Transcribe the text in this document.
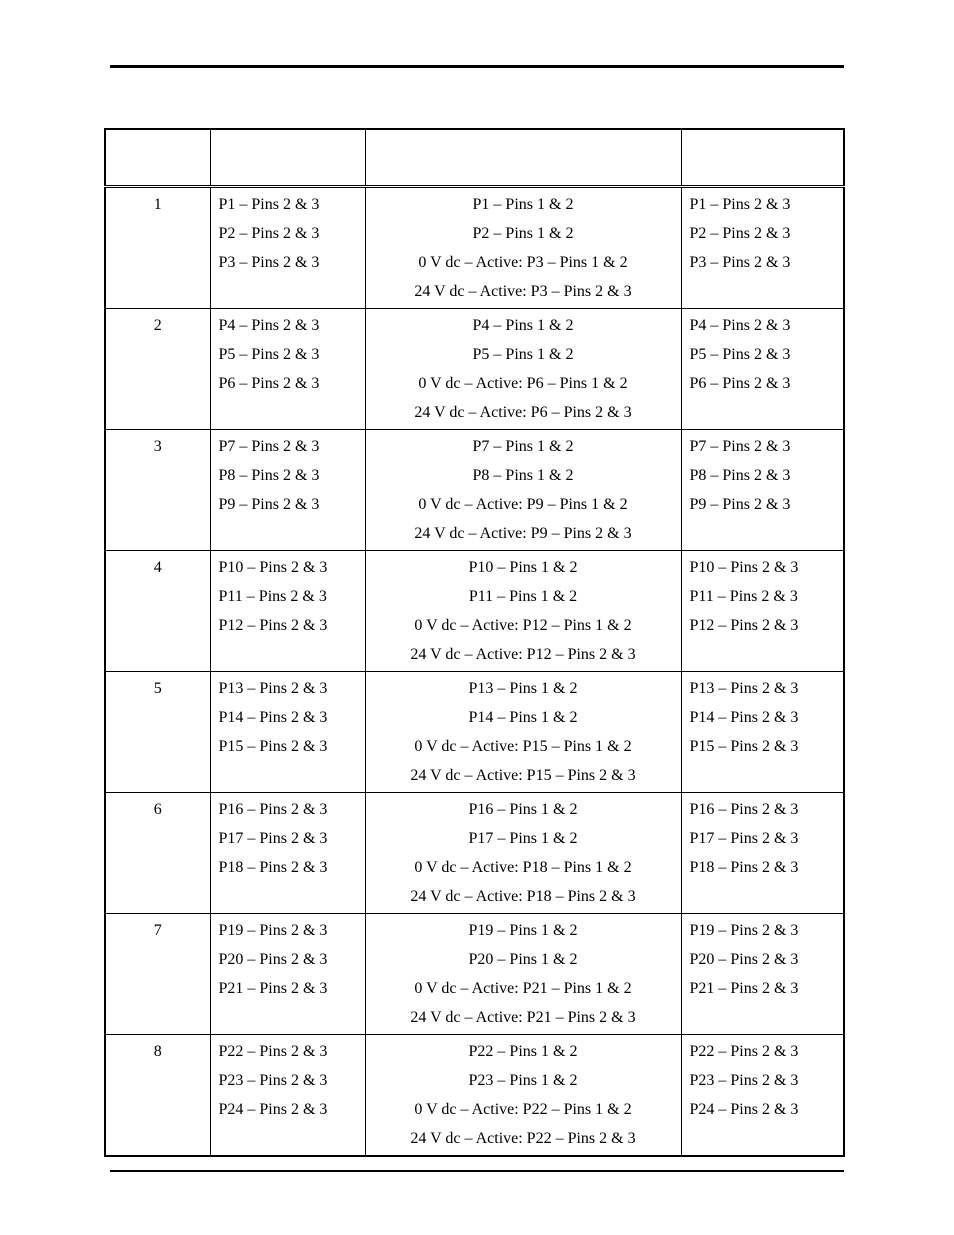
1	P1 – Pins 2 & 3
P2 – Pins 2 & 3
P3 – Pins 2 & 3	P1 – Pins 1 & 2
P2 – Pins 1 & 2
0 V dc – Active: P3 – Pins 1 & 2
24 V dc – Active: P3 – Pins 2 & 3	P1 – Pins 2 & 3
P2 – Pins 2 & 3
P3 – Pins 2 & 3

2	P4 – Pins 2 & 3
P5 – Pins 2 & 3
P6 – Pins 2 & 3	P4 – Pins 1 & 2
P5 – Pins 1 & 2
0 V dc – Active: P6 – Pins 1 & 2
24 V dc – Active: P6 – Pins 2 & 3	P4 – Pins 2 & 3
P5 – Pins 2 & 3
P6 – Pins 2 & 3

3	P7 – Pins 2 & 3
P8 – Pins 2 & 3
P9 – Pins 2 & 3	P7 – Pins 1 & 2
P8 – Pins 1 & 2
0 V dc – Active: P9 – Pins 1 & 2
24 V dc – Active: P9 – Pins 2 & 3	P7 – Pins 2 & 3
P8 – Pins 2 & 3
P9 – Pins 2 & 3

4	P10 – Pins 2 & 3
P11 – Pins 2 & 3
P12 – Pins 2 & 3	P10 – Pins 1 & 2
P11 – Pins 1 & 2
0 V dc – Active: P12 – Pins 1 & 2
24 V dc – Active: P12 – Pins 2 & 3	P10 – Pins 2 & 3
P11 – Pins 2 & 3
P12 – Pins 2 & 3

5	P13 – Pins 2 & 3
P14 – Pins 2 & 3
P15 – Pins 2 & 3	P13 – Pins 1 & 2
P14 – Pins 1 & 2
0 V dc – Active: P15 – Pins 1 & 2
24 V dc – Active: P15 – Pins 2 & 3	P13 – Pins 2 & 3
P14 – Pins 2 & 3
P15 – Pins 2 & 3

6	P16 – Pins 2 & 3
P17 – Pins 2 & 3
P18 – Pins 2 & 3	P16 – Pins 1 & 2
P17 – Pins 1 & 2
0 V dc – Active: P18 – Pins 1 & 2
24 V dc – Active: P18 – Pins 2 & 3	P16 – Pins 2 & 3
P17 – Pins 2 & 3
P18 – Pins 2 & 3

7	P19 – Pins 2 & 3
P20 – Pins 2 & 3
P21 – Pins 2 & 3	P19 – Pins 1 & 2
P20 – Pins 1 & 2
0 V dc – Active: P21 – Pins 1 & 2
24 V dc – Active: P21 – Pins 2 & 3	P19 – Pins 2 & 3
P20 – Pins 2 & 3
P21 – Pins 2 & 3

8	P22 – Pins 2 & 3
P23 – Pins 2 & 3
P24 – Pins 2 & 3	P22 – Pins 1 & 2
P23 – Pins 1 & 2
0 V dc – Active: P22 – Pins 1 & 2
24 V dc – Active: P22 – Pins 2 & 3	P22 – Pins 2 & 3
P23 – Pins 2 & 3
P24 – Pins 2 & 3
